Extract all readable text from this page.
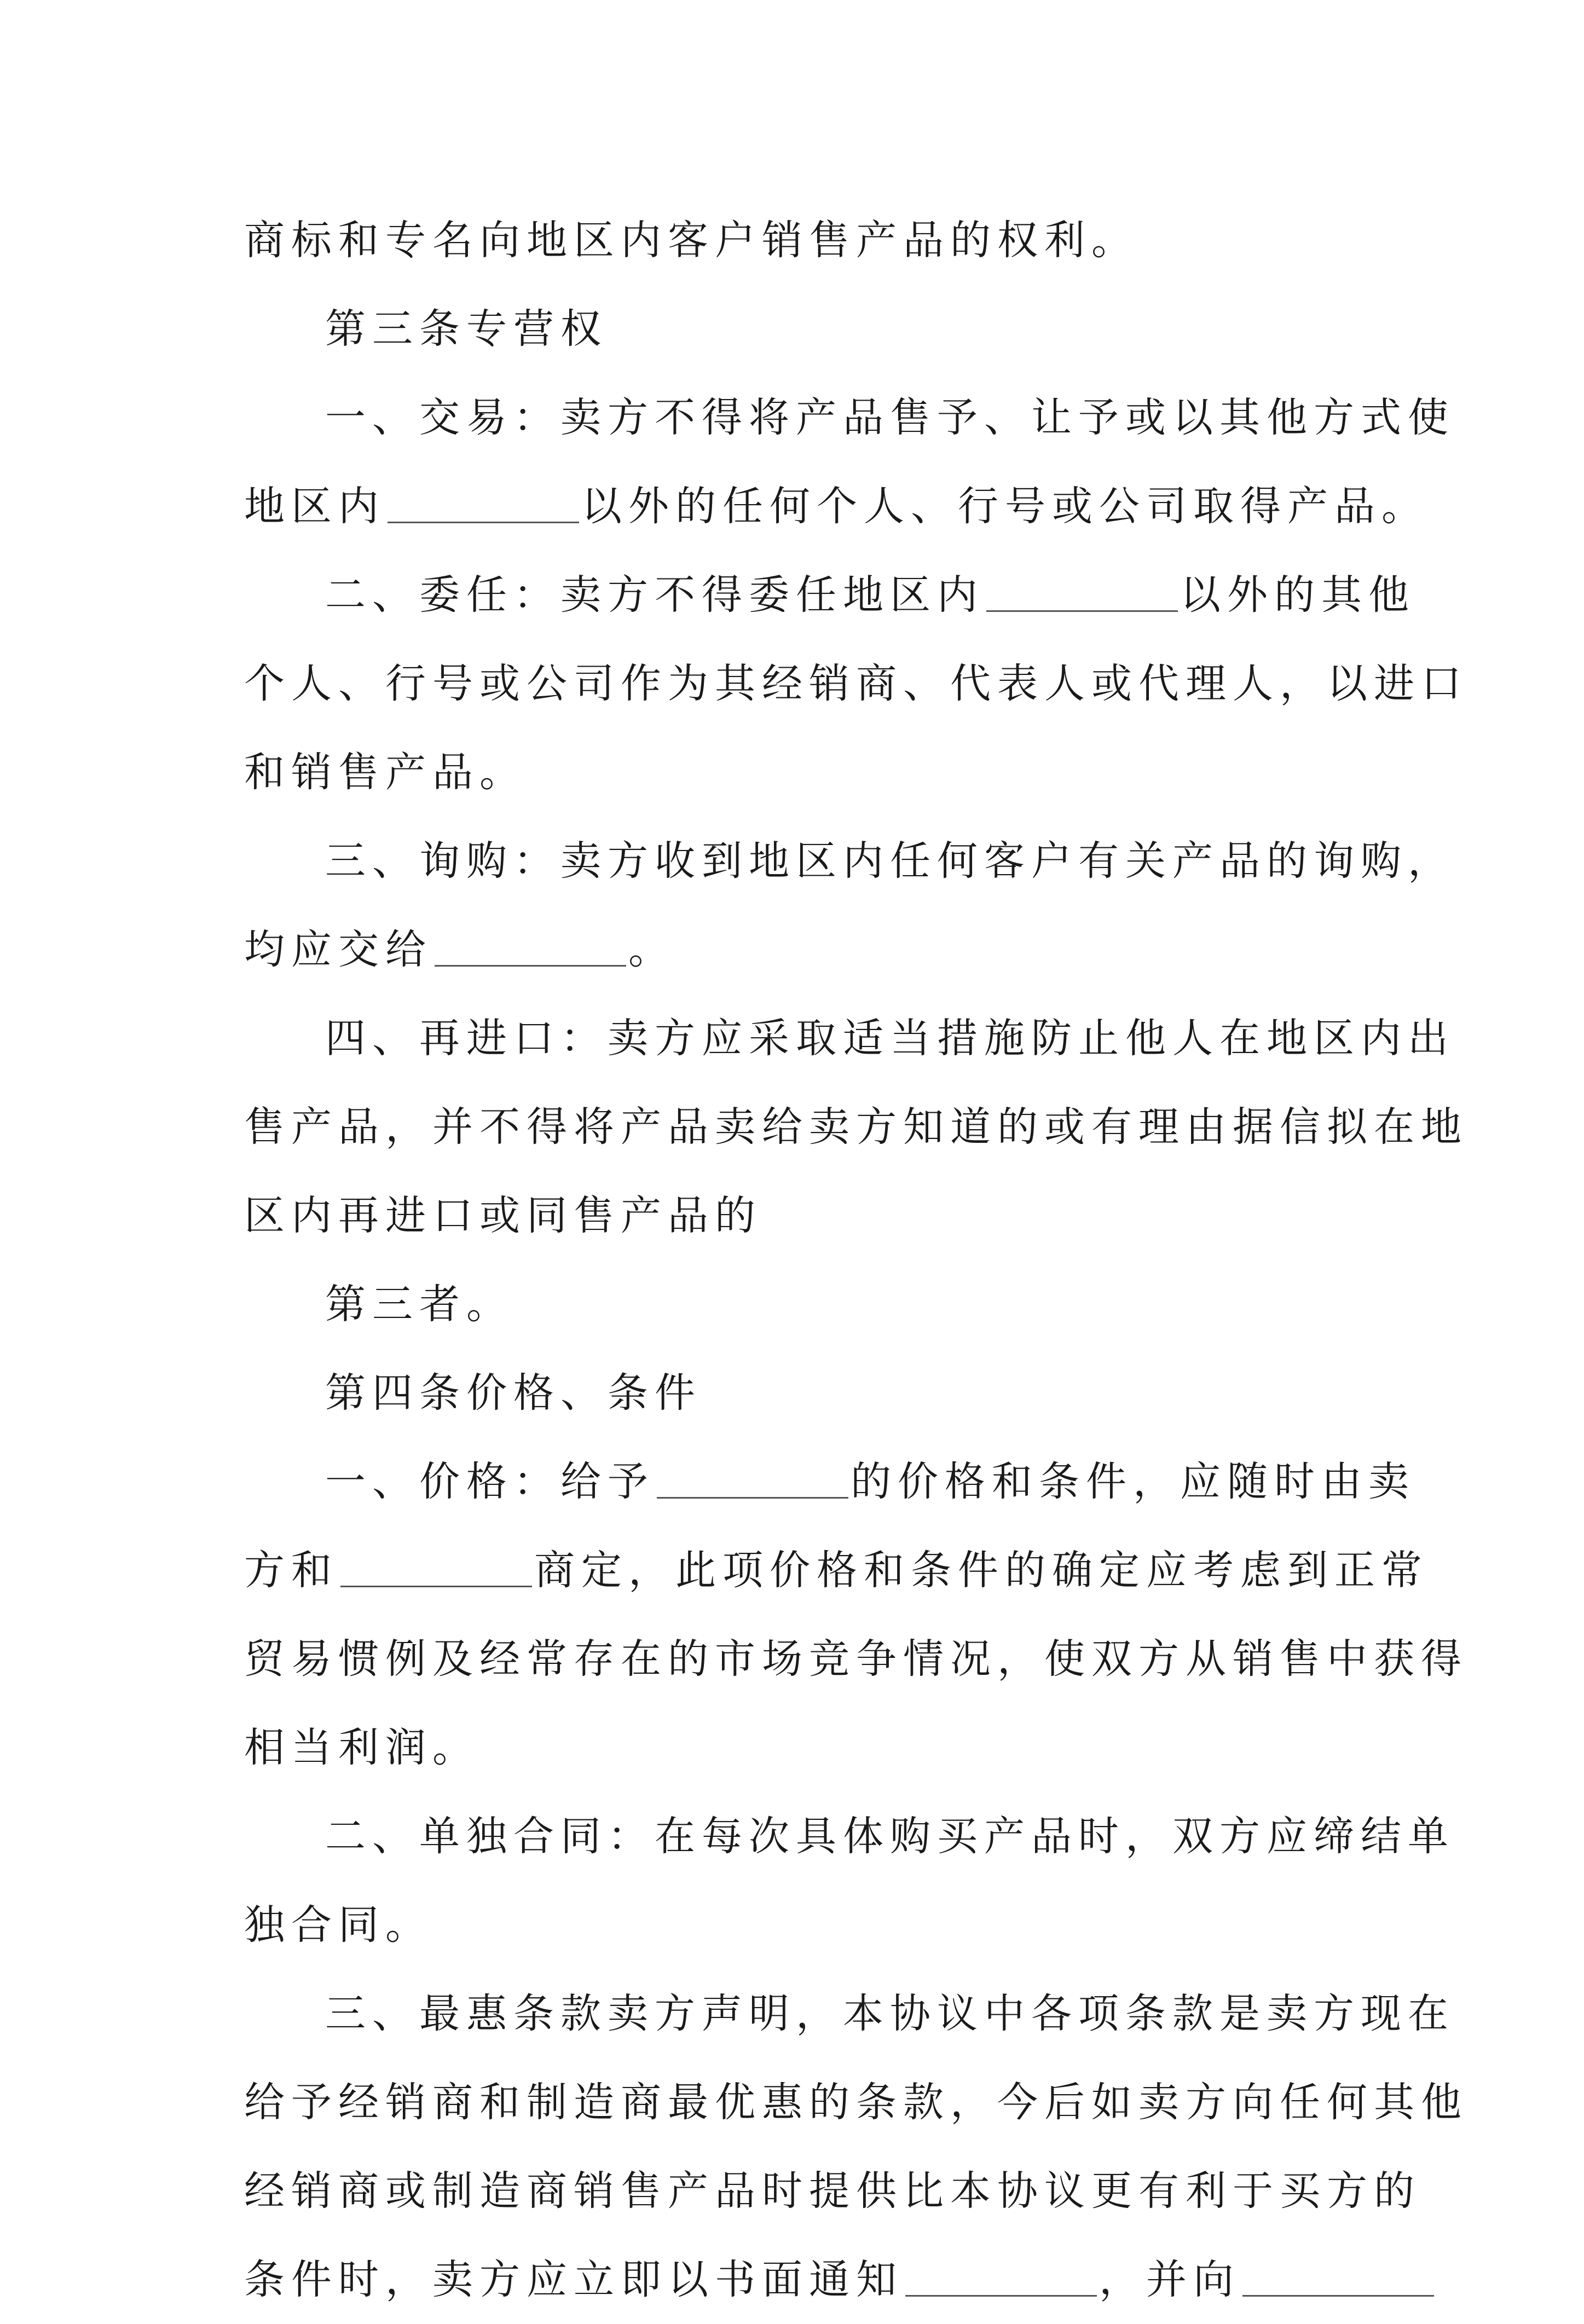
商标和专名向地区内客户销售产品的权利。
第三条专营权
一、交易：卖方不得将产品售予、让予或以其他方式使
地区内	以外的任何个人、行号或公司取得产品。
二、委任：卖方不得委任地区内	以外的其他
个人、行号或公司作为其经销商、代表人或代理人，以进口
和销售产品。
三、询购：卖方收到地区内任何客户有关产品的询购，
均应交给	。
四、再进口：卖方应采取适当措施防止他人在地区内出
售产品，并不得将产品卖给卖方知道的或有理由据信拟在地
区内再进口或同售产品的
第三者。
第四条价格、条件
一、价格：给予	的价格和条件，应随时由卖
方和	商定，此项价格和条件的确定应考虑到正常
贸易惯例及经常存在的市场竞争情况，使双方从销售中获得
相当利润。
二、单独合同：在每次具体购买产品时，双方应缔结单
独合同。
三、最惠条款卖方声明，本协议中各项条款是卖方现在
给予经销商和制造商最优惠的条款，今后如卖方向任何其他
经销商或制造商销售产品时提供比本协议更有利于买方的
条件时，卖方应立即以书面通知	，并向
